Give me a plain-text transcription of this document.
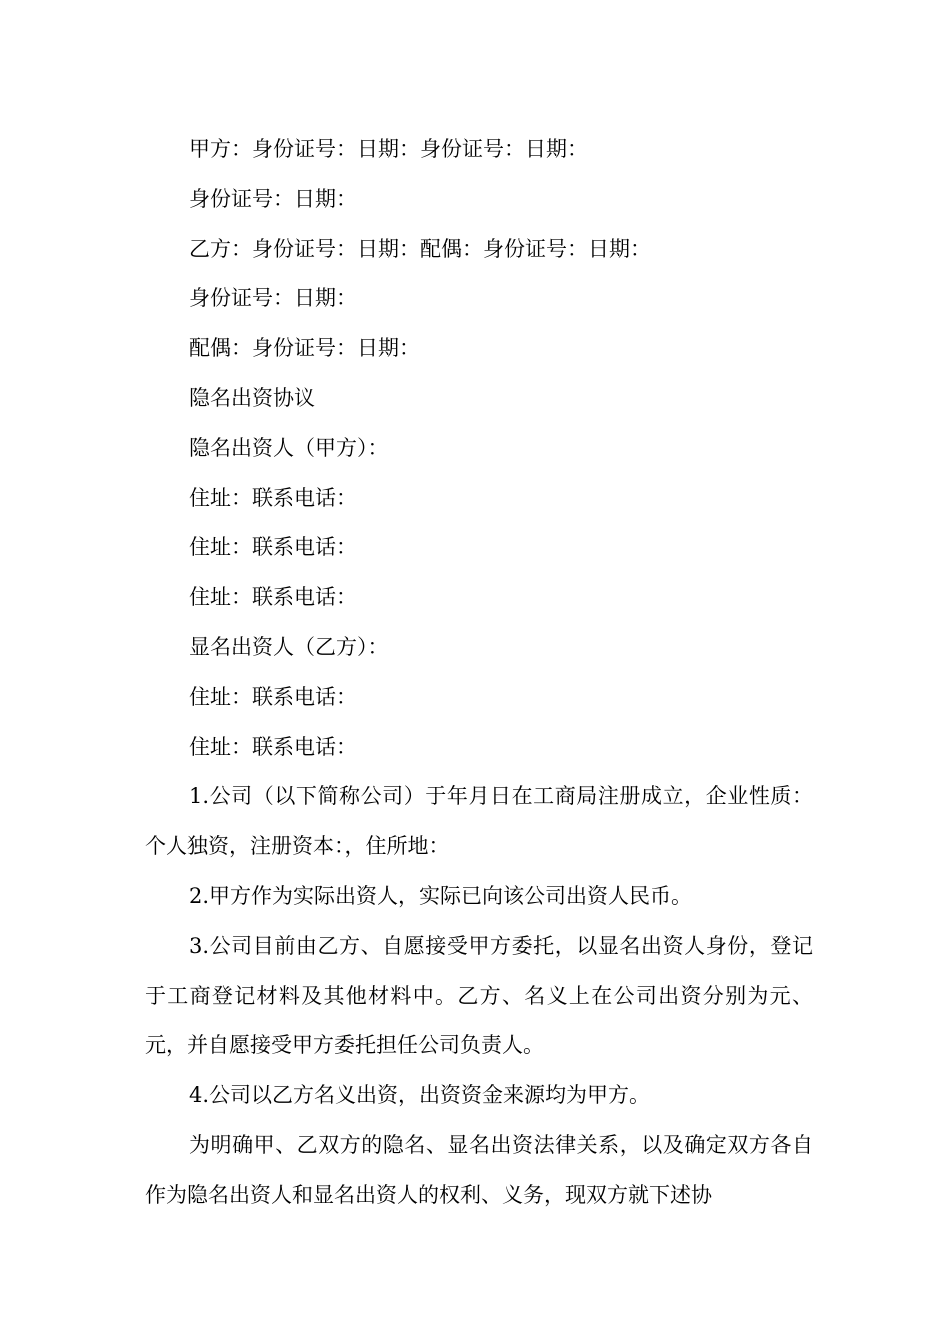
甲方：身份证号：日期：身份证号：日期：

身份证号：日期：

乙方：身份证号：日期：配偶：身份证号：日期：

身份证号：日期：

配偶：身份证号：日期：

隐名出资协议

隐名出资人（甲方）：

住址：联系电话：

住址：联系电话：

住址：联系电话：

显名出资人（乙方）：

住址：联系电话：

住址：联系电话：

1.公司（以下简称公司）于年月日在工商局注册成立，企业性质：个人独资，注册资本：，住所地：

2.甲方作为实际出资人，实际已向该公司出资人民币。

3.公司目前由乙方、自愿接受甲方委托，以显名出资人身份，登记于工商登记材料及其他材料中。乙方、名义上在公司出资分别为元、元，并自愿接受甲方委托担任公司负责人。

4.公司以乙方名义出资，出资资金来源均为甲方。

为明确甲、乙双方的隐名、显名出资法律关系，以及确定双方各自作为隐名出资人和显名出资人的权利、义务，现双方就下述协
